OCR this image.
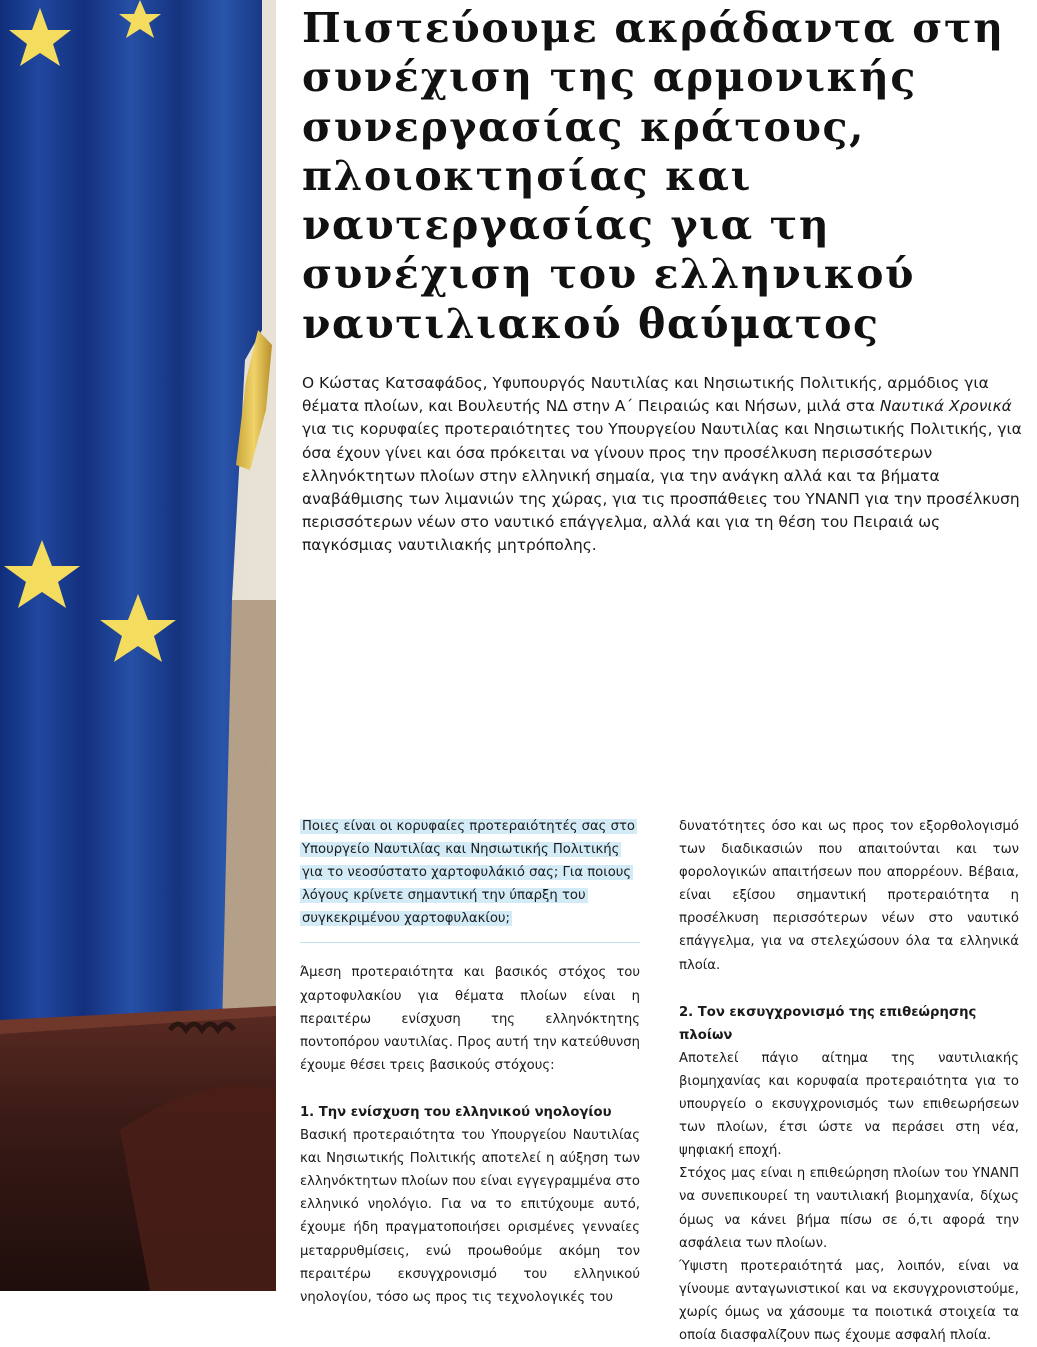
Πιστεύουμε ακράδαντα στη συνέχιση της αρμονικής συνεργασίας κράτους, πλοιοκτησίας και ναυτεργασίας για τη συνέχιση του ελληνικού ναυτιλιακού θαύματος

Ο Κώστας Κατσαφάδος, Υφυπουργός Ναυτιλίας και Νησιωτικής Πολιτικής, αρμόδιος για θέματα πλοίων, και Βουλευτής ΝΔ στην Α΄ Πειραιώς και Νήσων, μιλά στα Ναυτικά Χρονικά για τις κορυφαίες προτεραιότητες του Υπουργείου Ναυτιλίας και Νησιωτικής Πολιτικής, για όσα έχουν γίνει και όσα πρόκειται να γίνουν προς την προσέλκυση περισσότερων ελληνόκτητων πλοίων στην ελληνική σημαία, για την ανάγκη αλλά και τα βήματα αναβάθμισης των λιμανιών της χώρας, για τις προσπάθειες του ΥΝΑΝΠ για την προσέλκυση περισσότερων νέων στο ναυτικό επάγγελμα, αλλά και για τη θέση του Πειραιά ως παγκόσμιας ναυτιλιακής μητρόπολης.

Ποιες είναι οι κορυφαίες προτεραιότητές σας στο Υπουργείο Ναυτιλίας και Νησιωτικής Πολιτικής για το νεοσύστατο χαρτοφυλάκιό σας; Για ποιους λόγους κρίνετε σημαντική την ύπαρξη του συγκεκριμένου χαρτοφυλακίου;

Άμεση προτεραιότητα και βασικός στόχος του χαρτοφυλακίου για θέματα πλοίων είναι η περαιτέρω ενίσχυση της ελληνόκτητης ποντοπόρου ναυτιλίας. Προς αυτή την κατεύθυνση έχουμε θέσει τρεις βασικούς στόχους:

1. Την ενίσχυση του ελληνικού νηολογίου

Βασική προτεραιότητα του Υπουργείου Ναυτιλίας και Νησιωτικής Πολιτικής αποτελεί η αύξηση των ελληνόκτητων πλοίων που είναι εγγεγραμμένα στο ελληνικό νηολόγιο. Για να το επιτύχουμε αυτό, έχουμε ήδη πραγματοποιήσει ορισμένες γενναίες μεταρρυθμίσεις, ενώ προωθούμε ακόμη τον περαιτέρω εκσυγχρονισμό του ελληνικού νηολογίου, τόσο ως προς τις τεχνολογικές του

δυνατότητες όσο και ως προς τον εξορθολογισμό των διαδικασιών που απαιτούνται και των φορολογικών απαιτήσεων που απορρέουν. Βέβαια, είναι εξίσου σημαντική προτεραιότητα η προσέλκυση περισσότερων νέων στο ναυτικό επάγγελμα, για να στελεχώσουν όλα τα ελληνικά πλοία.

2. Τον εκσυγχρονισμό της επιθεώρησης πλοίων

Αποτελεί πάγιο αίτημα της ναυτιλιακής βιομηχανίας και κορυφαία προτεραιότητα για το υπουργείο ο εκσυγχρονισμός των επιθεωρήσεων των πλοίων, έτσι ώστε να περάσει στη νέα, ψηφιακή εποχή.

Στόχος μας είναι η επιθεώρηση πλοίων του ΥΝΑΝΠ να συνεπικουρεί τη ναυτιλιακή βιομηχανία, δίχως όμως να κάνει βήμα πίσω σε ό,τι αφορά την ασφάλεια των πλοίων.

Ύψιστη προτεραιότητά μας, λοιπόν, είναι να γίνουμε ανταγωνιστικοί και να εκσυγχρονιστούμε, χωρίς όμως να χάσουμε τα ποιοτικά στοιχεία τα οποία διασφαλίζουν πως έχουμε ασφαλή πλοία.
